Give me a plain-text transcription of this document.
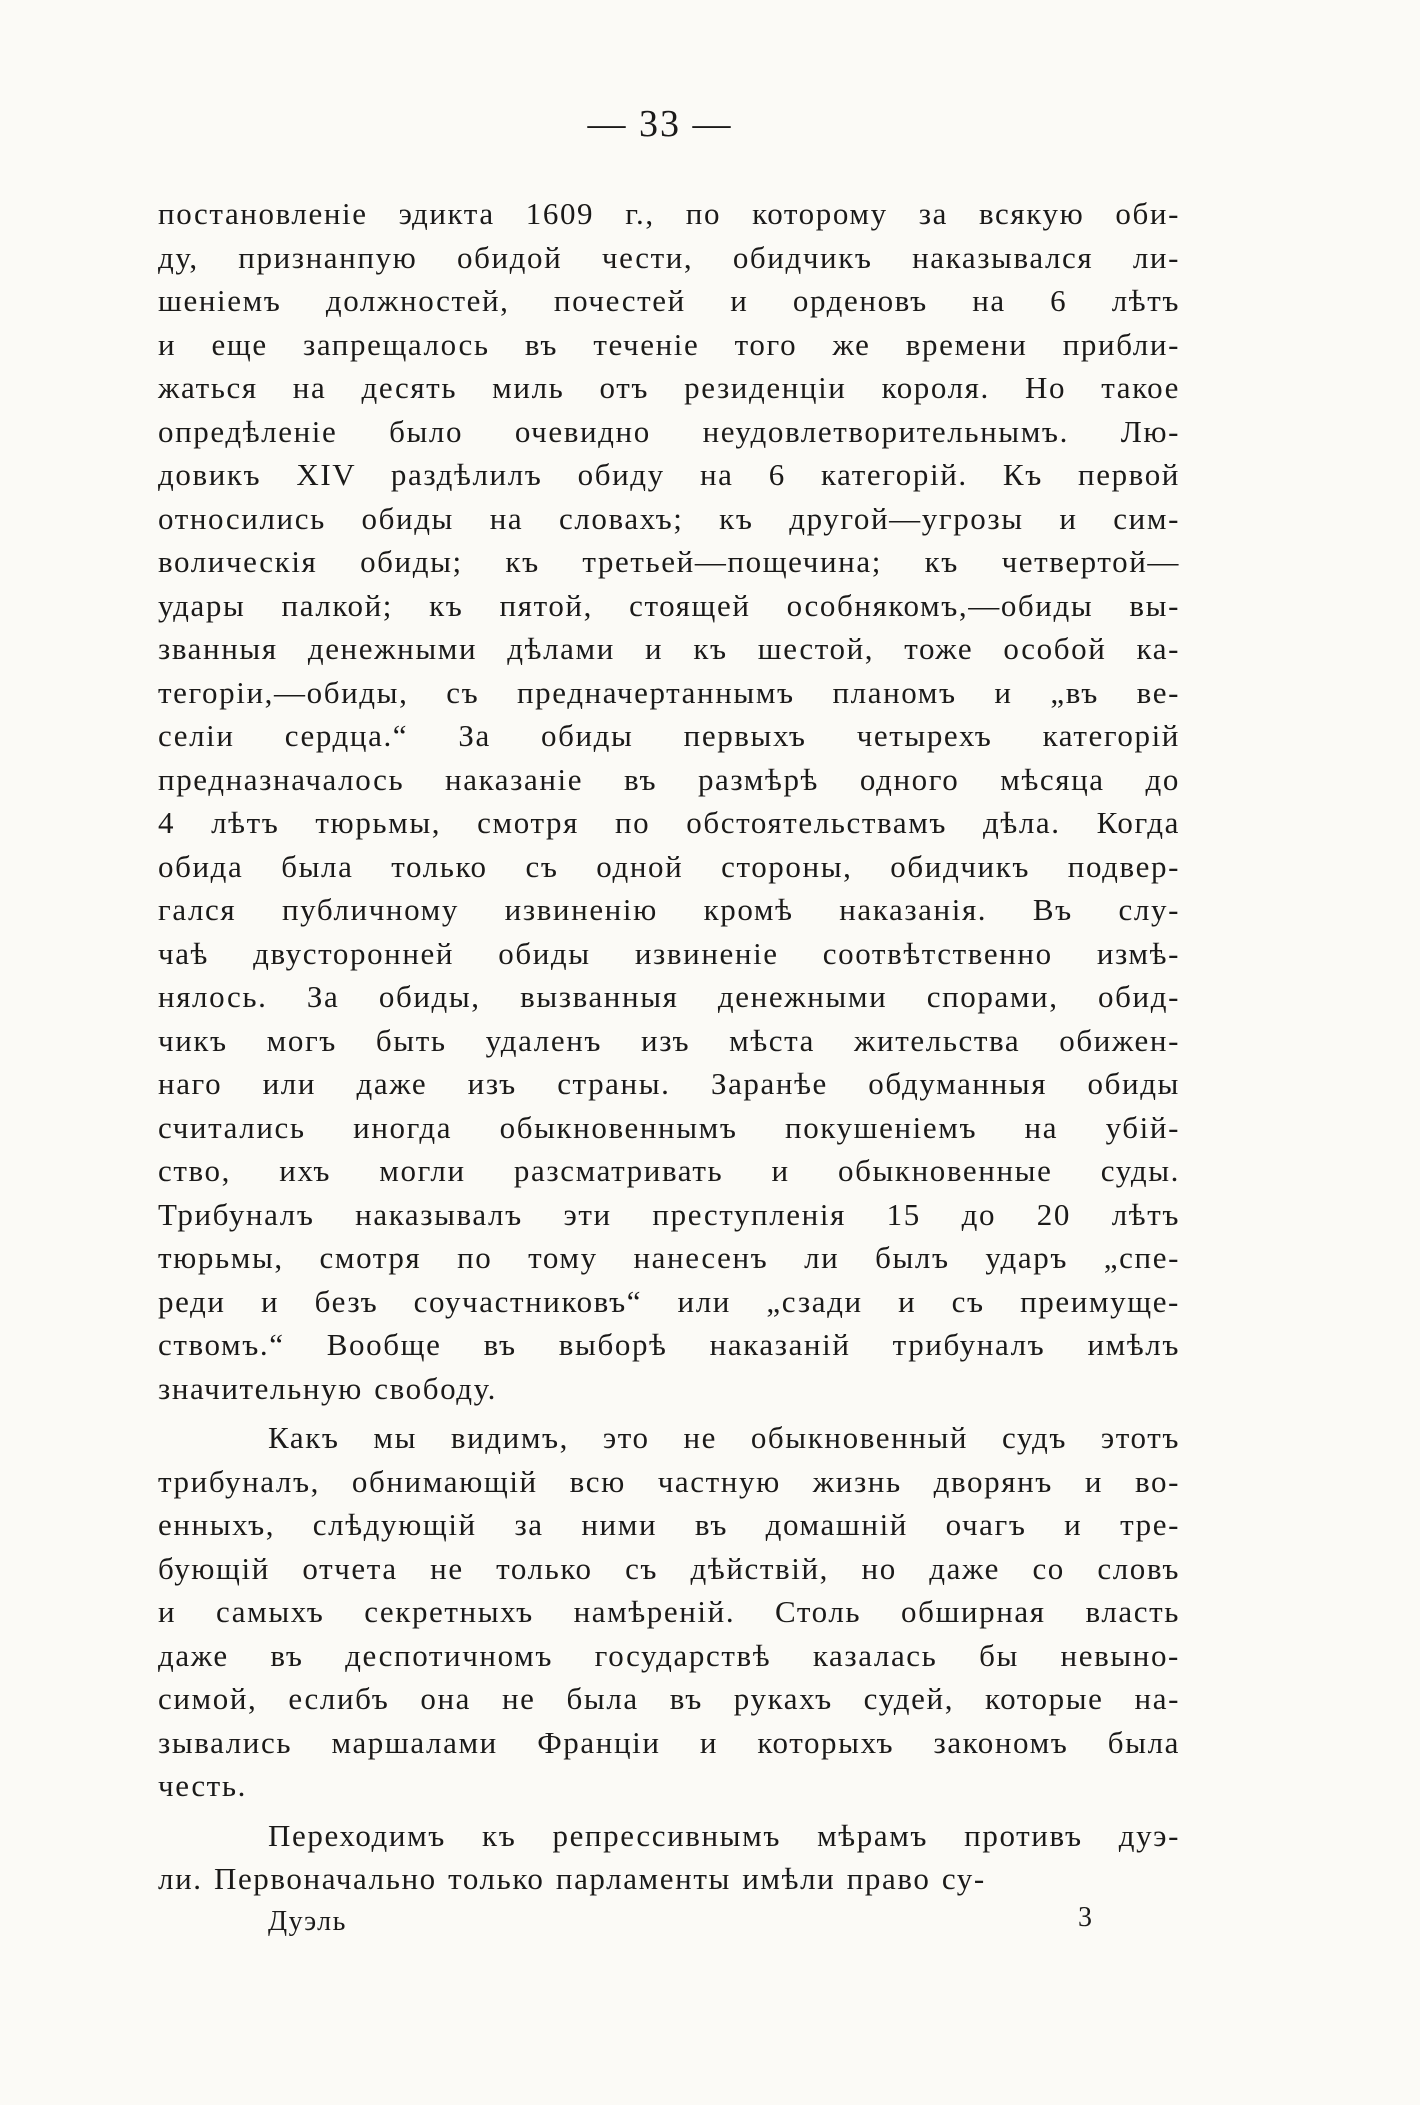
— 33 —
постановленіе эдикта 1609 г., по которому за всякую оби-
ду, признанпую обидой чести, обидчикъ наказывался ли-
шеніемъ должностей, почестей и орденовъ на 6 лѣтъ
и еще запрещалось въ теченіе того же времени прибли-
жаться на десять миль отъ резиденціи короля. Но такое
опредѣленіе было очевидно неудовлетворительнымъ. Лю-
довикъ XIV раздѣлилъ обиду на 6 категорій. Къ первой
относились обиды на словахъ; къ другой—угрозы и сим-
волическія обиды; къ третьей—пощечина; къ четвертой—
удары палкой; къ пятой, стоящей особнякомъ,—обиды вы-
званныя денежными дѣлами и къ шестой, тоже особой ка-
тегоріи,—обиды, съ предначертаннымъ планомъ и „въ ве-
селіи сердца.“ За обиды первыхъ четырехъ категорій
предназначалось наказаніе въ размѣрѣ одного мѣсяца до
4 лѣтъ тюрьмы, смотря по обстоятельствамъ дѣла. Когда
обида была только съ одной стороны, обидчикъ подвер-
гался публичному извиненію кромѣ наказанія. Въ слу-
чаѣ двусторонней обиды извиненіе соотвѣтственно измѣ-
нялось. За обиды, вызванныя денежными спорами, обид-
чикъ могъ быть удаленъ изъ мѣста жительства обижен-
наго или даже изъ страны. Заранѣе обдуманныя обиды
считались иногда обыкновеннымъ покушеніемъ на убій-
ство, ихъ могли разсматривать и обыкновенные суды.
Трибуналъ наказывалъ эти преступленія 15 до 20 лѣтъ
тюрьмы, смотря по тому нанесенъ ли былъ ударъ „спе-
реди и безъ соучастниковъ“ или „сзади и съ преимуще-
ствомъ.“ Вообще въ выборѣ наказаній трибуналъ имѣлъ
значительную свободу.
Какъ мы видимъ, это не обыкновенный судъ этотъ
трибуналъ, обнимающій всю частную жизнь дворянъ и во-
енныхъ, слѣдующій за ними въ домашній очагъ и тре-
бующій отчета не только съ дѣйствій, но даже со словъ
и самыхъ секретныхъ намѣреній. Столь обширная власть
даже въ деспотичномъ государствѣ казалась бы невыно-
симой, еслибъ она не была въ рукахъ судей, которые на-
зывались маршалами Франціи и которыхъ закономъ была
честь.
Переходимъ къ репрессивнымъ мѣрамъ противъ дуэ-
ли. Первоначально только парламенты имѣли право су-
Дуэль	3
